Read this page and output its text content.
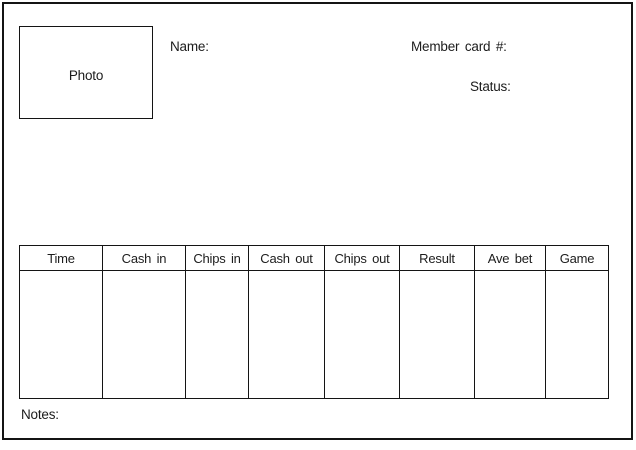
Photo
Name:	Member card #:
Status:
Notes:
Time	Cash in	Chips in	Cash out	Chips out	Result	Ave bet	Game
